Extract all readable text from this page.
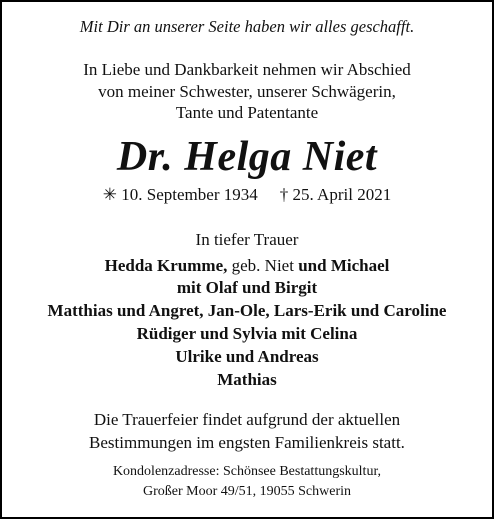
Mit Dir an unserer Seite haben wir alles geschafft.
In Liebe und Dankbarkeit nehmen wir Abschied
von meiner Schwester, unserer Schwägerin,
Tante und Patentante
Dr. Helga Niet
✳ 10. September 1934 † 25. April 2021
In tiefer Trauer
Hedda Krumme, geb. Niet und Michael
mit Olaf und Birgit
Matthias und Angret, Jan-Ole, Lars-Erik und Caroline
Rüdiger und Sylvia mit Celina
Ulrike und Andreas
Mathias
Die Trauerfeier findet aufgrund der aktuellen
Bestimmungen im engsten Familienkreis statt.
Kondolenzadresse: Schönsee Bestattungskultur,
Großer Moor 49/51, 19055 Schwerin
